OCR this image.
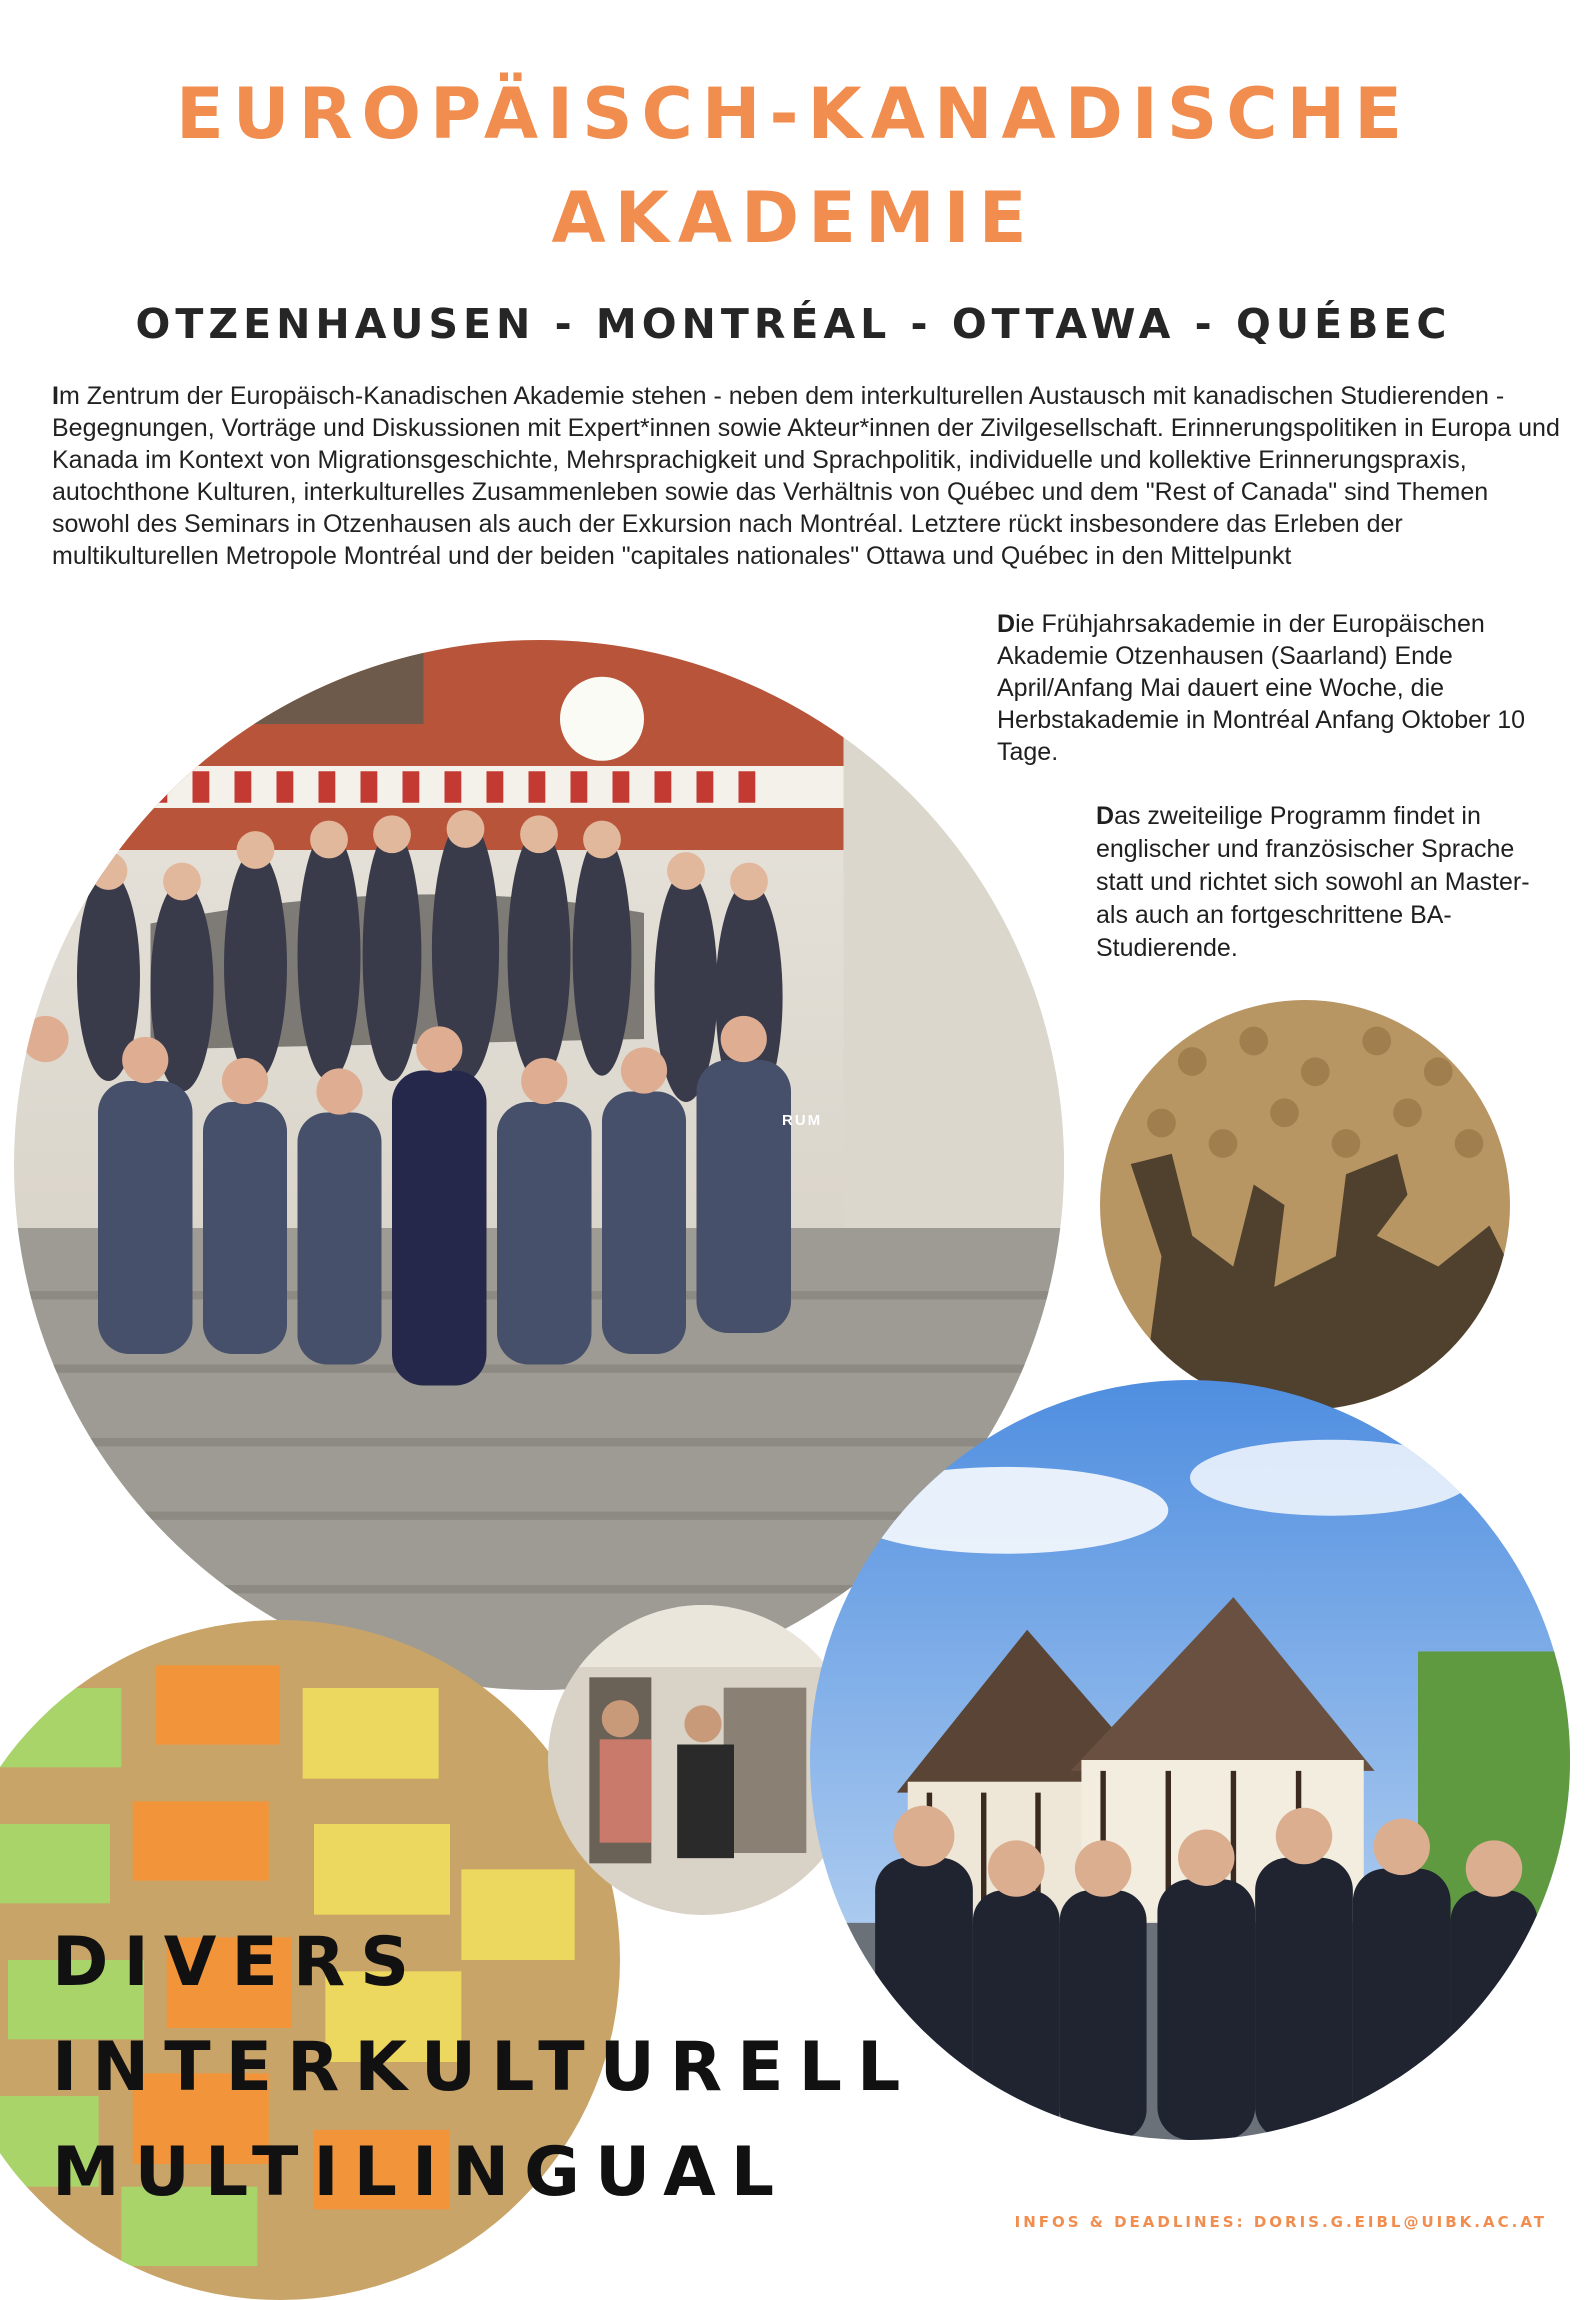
EUROPÄISCH-KANADISCHE
AKADEMIE
OTZENHAUSEN - MONTRÉAL - OTTAWA - QUÉBEC

Im Zentrum der Europäisch-Kanadischen Akademie stehen - neben dem interkulturellen Austausch mit kanadischen Studierenden - Begegnungen, Vorträge und Diskussionen mit Expert*innen sowie Akteur*innen der Zivilgesellschaft. Erinnerungspolitiken in Europa und Kanada im Kontext von Migrationsgeschichte, Mehrsprachigkeit und Sprachpolitik, individuelle und kollektive Erinnerungspraxis, autochthone Kulturen, interkulturelles Zusammenleben sowie das Verhältnis von Québec und dem "Rest of Canada" sind Themen sowohl des Seminars in Otzenhausen als auch der Exkursion nach Montréal. Letztere rückt insbesondere das Erleben der multikulturellen Metropole Montréal und der beiden "capitales nationales" Ottawa und Québec in den Mittelpunkt

RUM

Die Frühjahrsakademie in der Europäischen Akademie Otzenhausen (Saarland) Ende April/Anfang Mai dauert eine Woche, die Herbstakademie in Montréal Anfang Oktober 10 Tage.

Das zweiteilige Programm findet in englischer und französischer Sprache statt und richtet sich sowohl an Master- als auch an fortgeschrittene BA-Studierende.

DIVERS
INTERKULTURELL
MULTILINGUAL
INFOS & DEADLINES: DORIS.G.EIBL@UIBK.AC.AT
